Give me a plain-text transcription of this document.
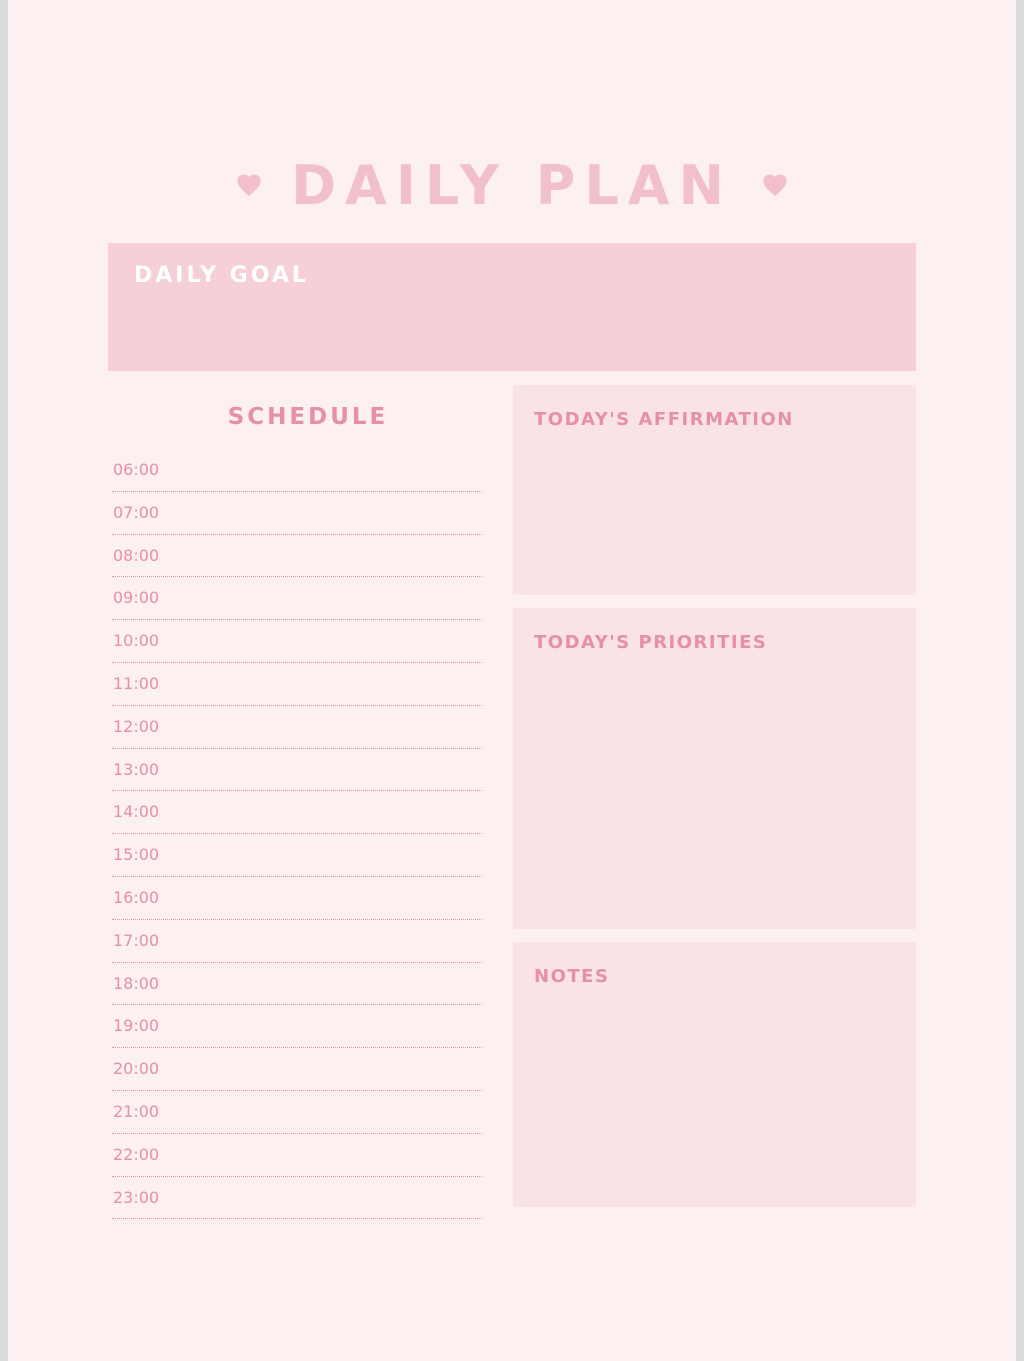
DAILY PLAN
DAILY GOAL
SCHEDULE
06:00
07:00
08:00
09:00
10:00
11:00
12:00
13:00
14:00
15:00
16:00
17:00
18:00
19:00
20:00
21:00
22:00
23:00
TODAY'S AFFIRMATION
TODAY'S PRIORITIES
NOTES
